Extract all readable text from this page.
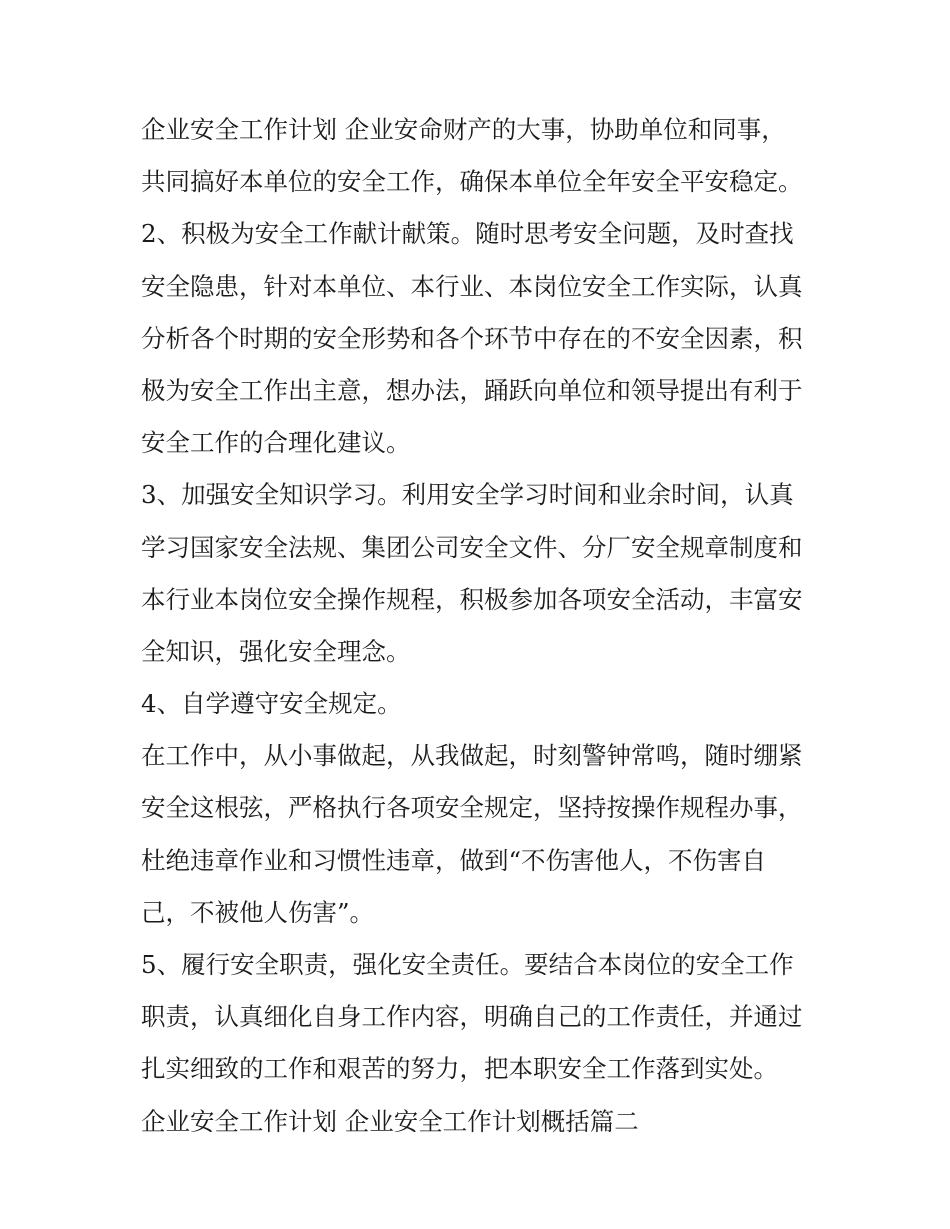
企业安全工作计划 企业安命财产的大事，协助单位和同事，
共同搞好本单位的安全工作，确保本单位全年安全平安稳定。
2、积极为安全工作献计献策。随时思考安全问题，及时查找
安全隐患，针对本单位、本行业、本岗位安全工作实际，认真
分析各个时期的安全形势和各个环节中存在的不安全因素，积
极为安全工作出主意，想办法，踊跃向单位和领导提出有利于
安全工作的合理化建议。
3、加强安全知识学习。利用安全学习时间和业余时间，认真
学习国家安全法规、集团公司安全文件、分厂安全规章制度和
本行业本岗位安全操作规程，积极参加各项安全活动，丰富安
全知识，强化安全理念。
4、自学遵守安全规定。
在工作中，从小事做起，从我做起，时刻警钟常鸣，随时绷紧
安全这根弦，严格执行各项安全规定，坚持按操作规程办事，
杜绝违章作业和习惯性违章，做到“不伤害他人，不伤害自
己，不被他人伤害”。
5、履行安全职责，强化安全责任。要结合本岗位的安全工作
职责，认真细化自身工作内容，明确自己的工作责任，并通过
扎实细致的工作和艰苦的努力，把本职安全工作落到实处。
企业安全工作计划 企业安全工作计划概括篇二
